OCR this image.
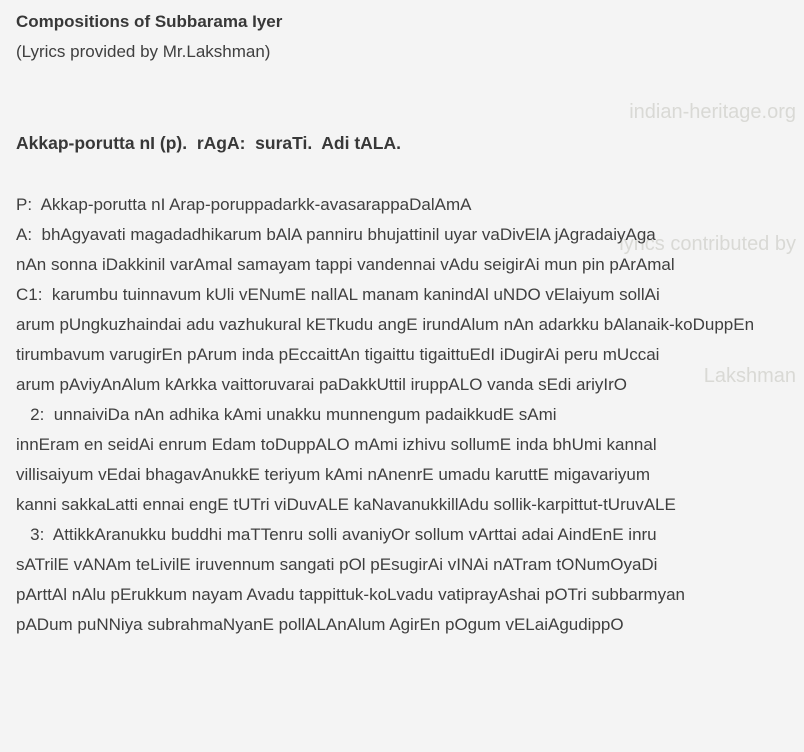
Compositions of Subbarama Iyer
(Lyrics provided by Mr.Lakshman)

indian-heritage.org

lyrics contributed by

Lakshman

Akkap-porutta nI (p).  rAgA:  suraTi.  Adi tALA.
P:  Akkap-porutta nI Arap-poruppadarkk-avasarappaDalAmA
A:  bhAgyavati magadadhikarum bAlA panniru bhujattinil uyar vaDivElA jAgradaiyAga
nAn sonna iDakkinil varAmal samayam tappi vandennai vAdu seigirAi mun pin pArAmal
C1:  karumbu tuinnavum kUli vENumE nallAL manam kanindAl uNDO vElaiyum sollAi
arum pUngkuzhaindai adu vazhukural kETkudu angE irundAlum nAn adarkku bAlanaik-koDuppEn
tirumbavum varugirEn pArum inda pEccaittAn tigaittu tigaittuEdI iDugirAi peru mUccai
arum pAviyAnAlum kArkka vaittoruvarai paDakkUttil iruppALO vanda sEdi ariyIrO
2:  unnaiviDa nAn adhika kAmi unakku munnengum padaikkudE sAmi
innEram en seidAi enrum Edam toDuppALO mAmi izhivu sollumE inda bhUmi kannal
villisaiyum vEdai bhagavAnukkE teriyum kAmi nAnenrE umadu karuttE migavariyum
kanni sakkaLatti ennai engE tUTri viDuvALE kaNavanukkillAdu sollik-karpittut-tUruvALE
3:  AttikkAranukku buddhi maTTenru solli avaniyOr sollum vArttai adai AindEnE inru
sATrilE vANAm teLivilE iruvennum sangati pOl pEsugirAi vINAi nATram tONumOyaDi
pArttAl nAlu pErukkum nayam Avadu tappittuk-koLvadu vatiprayAshai pOTri subbarmyan
pADum puNNiya subrahmaNyanE pollALAnAlum AgirEn pOgum vELaiAgudippO
